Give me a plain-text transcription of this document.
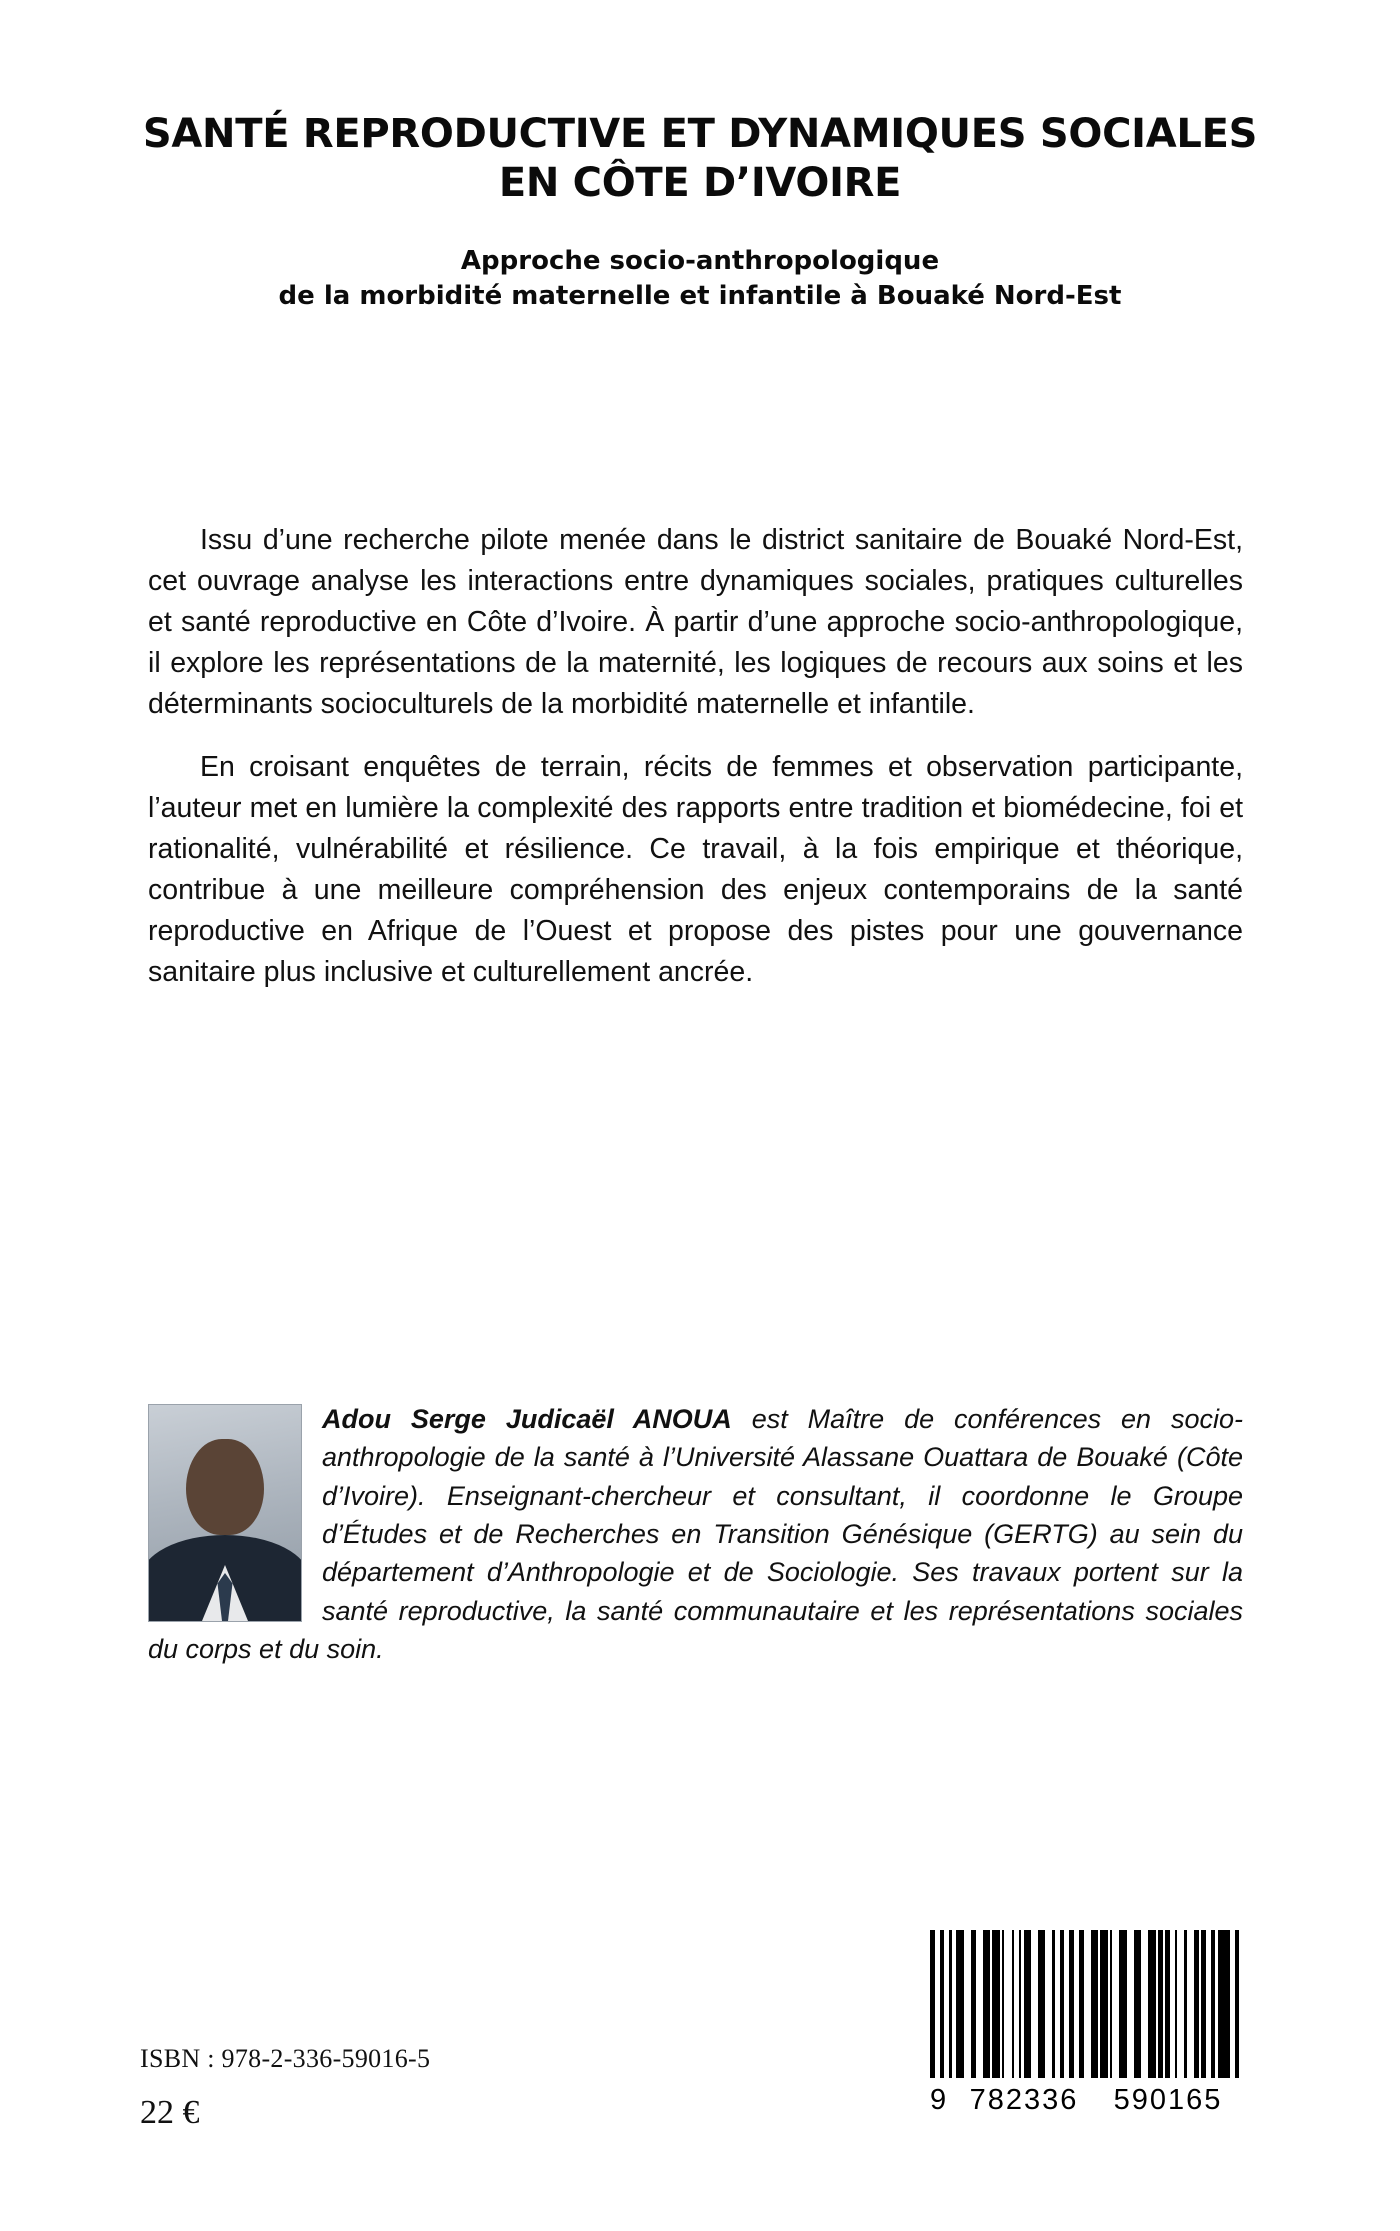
SANTÉ REPRODUCTIVE ET DYNAMIQUES SOCIALES
EN CÔTE D’IVOIRE
Approche socio-anthropologique
de la morbidité maternelle et infantile à Bouaké Nord-Est

Issu d’une recherche pilote menée dans le district sanitaire de Bouaké Nord-Est, cet ouvrage analyse les interactions entre dynamiques sociales, pratiques culturelles et santé reproductive en Côte d’Ivoire. À partir d’une approche socio-anthropologique, il explore les représentations de la maternité, les logiques de recours aux soins et les déterminants socioculturels de la morbidité maternelle et infantile.

En croisant enquêtes de terrain, récits de femmes et observation participante, l’auteur met en lumière la complexité des rapports entre tradition et biomédecine, foi et rationalité, vulnérabilité et résilience. Ce travail, à la fois empirique et théorique, contribue à une meilleure compréhension des enjeux contemporains de la santé reproductive en Afrique de l’Ouest et propose des pistes pour une gouvernance sanitaire plus inclusive et culturellement ancrée.

Adou Serge Judicaël ANOUA est Maître de conférences en socio-anthropologie de la santé à l’Université Alassane Ouattara de Bouaké (Côte d’Ivoire). Enseignant-chercheur et consultant, il coordonne le Groupe d’Études et de Recherches en Transition Génésique (GERTG) au sein du département d’Anthropologie et de Sociologie. Ses travaux portent sur la santé reproductive, la santé communautaire et les représentations sociales du corps et du soin.
ISBN : 978-2-336-59016-5
22 €	9 782336	590165
